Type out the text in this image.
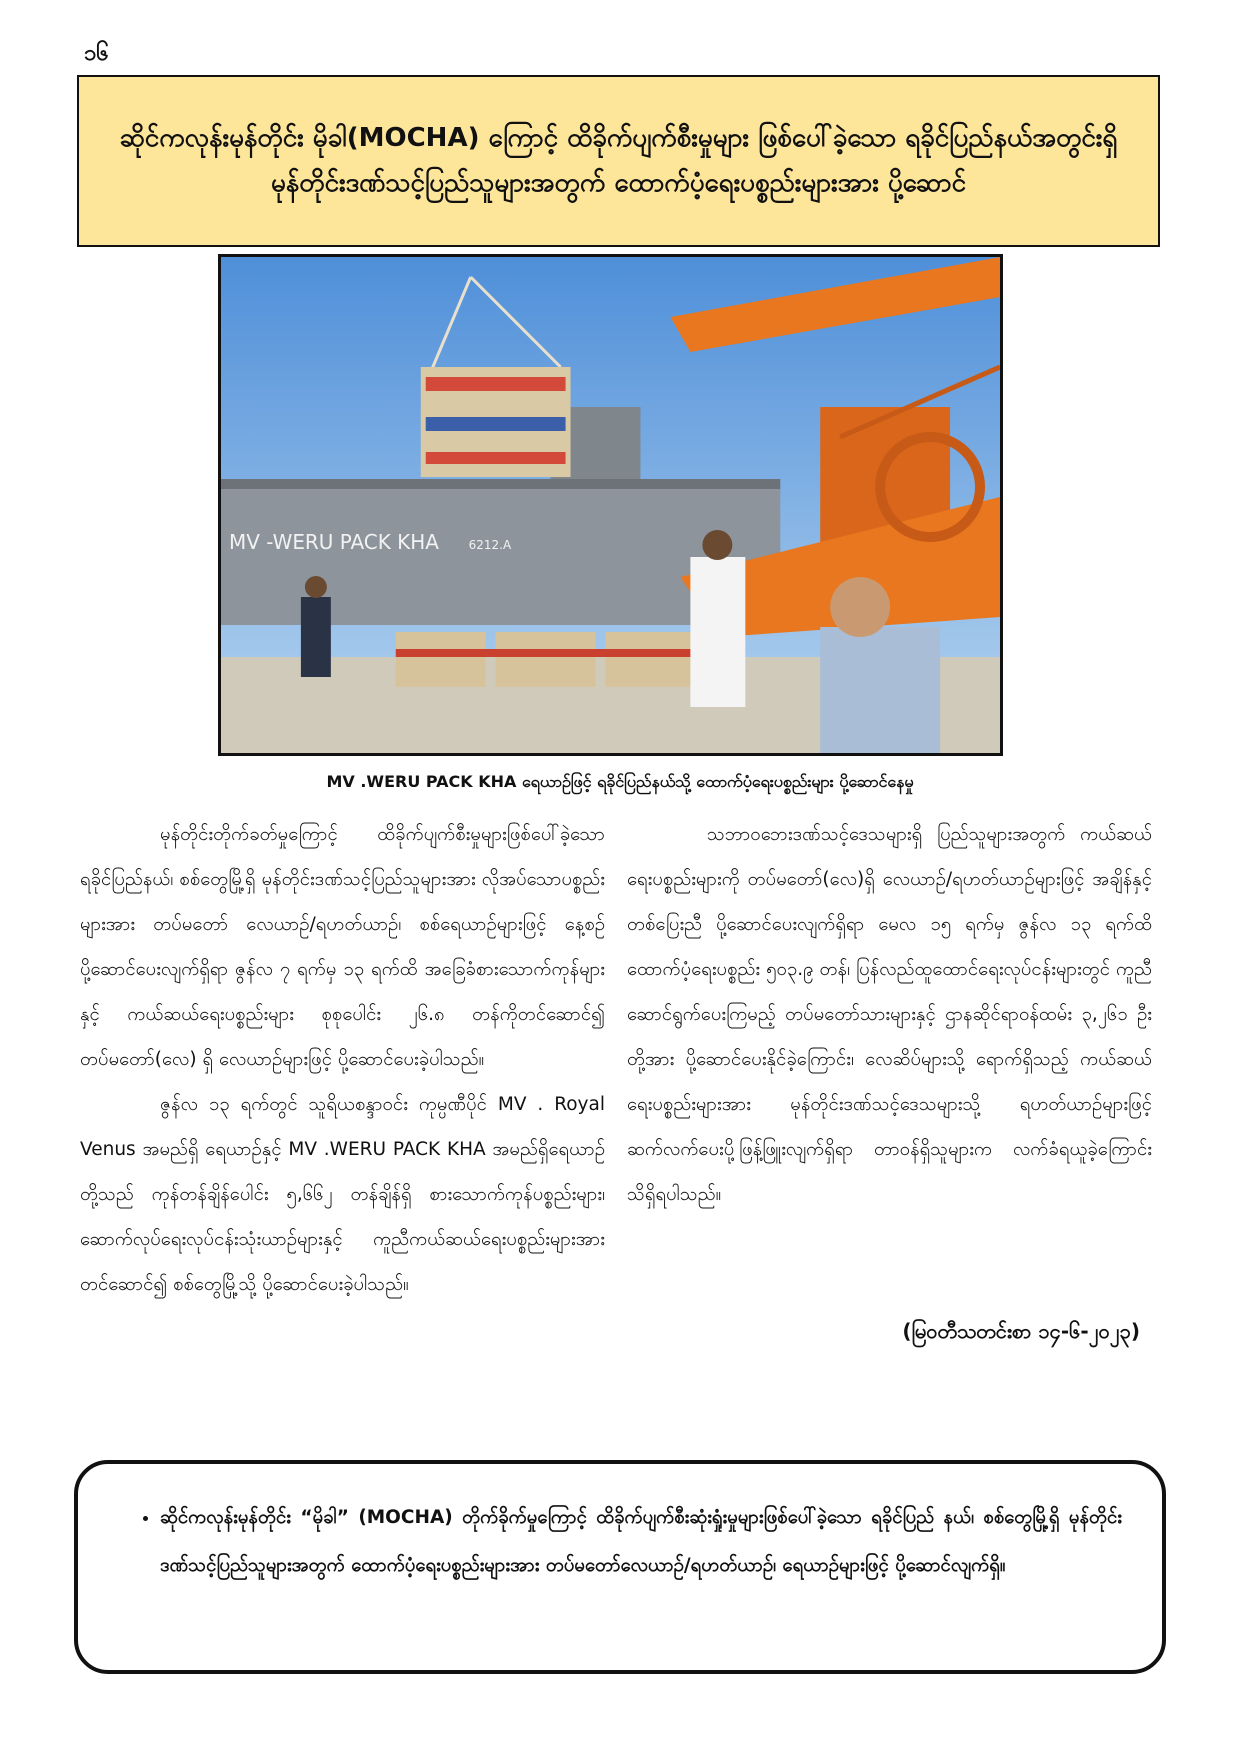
၁၆
ဆိုင်ကလုန်းမုန်တိုင်း မိုခါ(MOCHA) ကြောင့် ထိခိုက်ပျက်စီးမှုများ ဖြစ်ပေါ်ခဲ့သော ရခိုင်ပြည်နယ်အတွင်းရှိ မုန်တိုင်းဒဏ်သင့်ပြည်သူများအတွက် ထောက်ပံ့ရေးပစ္စည်းများအား ပို့ဆောင်
MV -WERU PACK KHA 6212.A
MV .WERU PACK KHA ရေယာဉ်ဖြင့် ရခိုင်ပြည်နယ်သို့ ထောက်ပံ့ရေးပစ္စည်းများ ပို့ဆောင်နေမှု

မုန်တိုင်းတိုက်ခတ်မှုကြောင့် ထိခိုက်ပျက်စီးမှုများဖြစ်ပေါ်ခဲ့သော ရခိုင်ပြည်နယ်၊ စစ်တွေမြို့ရှိ မုန်တိုင်းဒဏ်သင့်ပြည်သူများအား လိုအပ်သောပစ္စည်းများအား တပ်မတော် လေယာဉ်/ရဟတ်ယာဉ်၊ စစ်ရေယာဉ်များဖြင့် နေ့စဉ်ပို့ဆောင်ပေးလျက်ရှိရာ ဇွန်လ ၇ ရက်မှ ၁၃ ရက်ထိ အခြေခံစားသောက်ကုန်များနှင့် ကယ်ဆယ်ရေးပစ္စည်းများ စုစုပေါင်း ၂၆.၈ တန်ကိုတင်ဆောင်၍ တပ်မတော်(လေ) ရှိ လေယာဉ်များဖြင့် ပို့ဆောင်ပေးခဲ့ပါသည်။

ဇွန်လ ၁၃ ရက်တွင် သူရိယစန္ဒာဝင်း ကုမ္ပဏီပိုင် MV . Royal Venus အမည်ရှိ ရေယာဉ်နှင့် MV .WERU PACK KHA အမည်ရှိရေယာဉ်တို့သည် ကုန်တန်ချိန်ပေါင်း ၅,၆၆၂ တန်ချိန်ရှိ စားသောက်ကုန်ပစ္စည်းများ၊ ဆောက်လုပ်ရေးလုပ်ငန်းသုံးယာဉ်များနှင့် ကူညီကယ်ဆယ်ရေးပစ္စည်းများအား တင်ဆောင်၍ စစ်တွေမြို့သို့ ပို့ဆောင်ပေးခဲ့ပါသည်။

သဘာဝဘေးဒဏ်သင့်ဒေသများရှိ ပြည်သူများအတွက် ကယ်ဆယ်ရေးပစ္စည်းများကို တပ်မတော်(လေ)ရှိ လေယာဉ်/ရဟတ်ယာဉ်များဖြင့် အချိန်နှင့်တစ်ပြေးညီ ပို့ဆောင်ပေးလျက်ရှိရာ မေလ ၁၅ ရက်မှ ဇွန်လ ၁၃ ရက်ထိ ထောက်ပံ့ရေးပစ္စည်း ၅၀၃.၉ တန်၊ ပြန်လည်ထူထောင်ရေးလုပ်ငန်းများတွင် ကူညီဆောင်ရွက်ပေးကြမည့် တပ်မတော်သားများနှင့် ဌာနဆိုင်ရာဝန်ထမ်း ၃,၂၆၁ ဦးတို့အား ပို့ဆောင်ပေးနိုင်ခဲ့ကြောင်း၊ လေဆိပ်များသို့ ရောက်ရှိသည့် ကယ်ဆယ်ရေးပစ္စည်းများအား မုန်တိုင်းဒဏ်သင့်ဒေသများသို့ ရဟတ်ယာဉ်များဖြင့် ဆက်လက်ပေးပို့ဖြန့်ဖြူးလျက်ရှိရာ တာဝန်ရှိသူများက လက်ခံရယူခဲ့ကြောင်း သိရှိရပါသည်။

(မြဝတီသတင်းစာ ၁၄-၆-၂၀၂၃)
• ဆိုင်ကလုန်းမုန်တိုင်း “မိုခါ” (MOCHA) တိုက်ခိုက်မှုကြောင့် ထိခိုက်ပျက်စီးဆုံးရှုံးမှုများဖြစ်ပေါ်ခဲ့သော ရခိုင်ပြည် နယ်၊ စစ်တွေမြို့ရှိ မုန်တိုင်းဒဏ်သင့်ပြည်သူများအတွက် ထောက်ပံ့ရေးပစ္စည်းများအား တပ်မတော်လေယာဉ်/ရဟတ်ယာဉ်၊ ရေယာဉ်များဖြင့် ပို့ဆောင်လျက်ရှိ။
